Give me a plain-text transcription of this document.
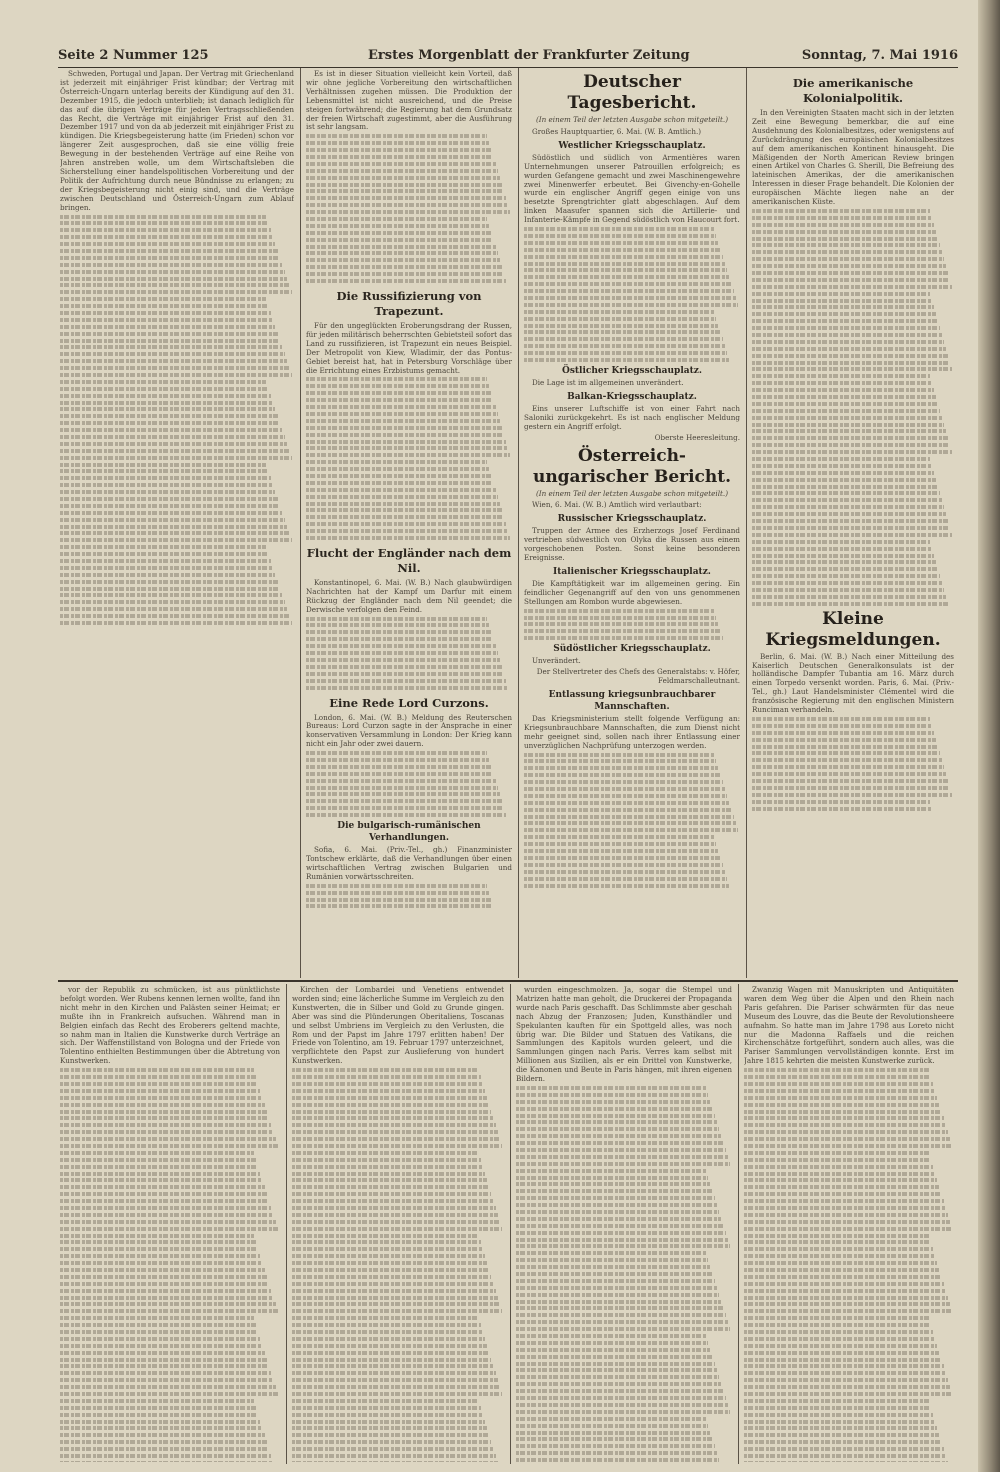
Seite 2 Nummer 125	Erstes Morgenblatt der Frankfurter Zeitung	Sonntag, 7. Mai 1916

Schweden, Portugal und Japan. Der Vertrag mit Griechenland ist jederzeit mit einjähriger Frist kündbar; der Vertrag mit Österreich-Ungarn unterlag bereits der Kündigung auf den 31. Dezember 1915, die jedoch unterblieb; ist danach lediglich für das auf die übrigen Verträge für jeden Vertragsschließenden das Recht, die Verträge mit einjähriger Frist auf den 31. Dezember 1917 und von da ab jederzeit mit einjähriger Frist zu kündigen. Die Kriegsbegeisterung hatte (im Frieden) schon vor längerer Zeit ausgesprochen, daß sie eine völlig freie Bewegung in der bestehenden Verträge auf eine Reihe von Jahren anstreben wolle, um dem Wirtschaftsleben die Sicherstellung einer handelspolitischen Vorbereitung und der Politik der Aufrichtung durch neue Bündnisse zu erlangen; zu der Kriegsbegeisterung nicht einig sind, und die Verträge zwischen Deutschland und Österreich-Ungarn zum Ablauf bringen.

Es ist in dieser Situation vielleicht kein Vorteil, daß wir ohne jegliche Vorbereitung den wirtschaftlichen Verhältnissen zugehen müssen. Die Produktion der Lebensmittel ist nicht ausreichend, und die Preise steigen fortwährend; die Regierung hat dem Grundsatz der freien Wirtschaft zugestimmt, aber die Ausführung ist sehr langsam.

Die Russifizierung von Trapezunt.

Für den ungeglückten Eroberungsdrang der Russen, für jeden militärisch beherrschten Gebietsteil sofort das Land zu russifizieren, ist Trapezunt ein neues Beispiel. Der Metropolit von Kiew, Wladimir, der das Pontus-Gebiet bereist hat, hat in Petersburg Vorschläge über die Errichtung eines Erzbistums gemacht.

Flucht der Engländer nach dem Nil.

Konstantinopel, 6. Mai. (W. B.) Nach glaubwürdigen Nachrichten hat der Kampf um Darfur mit einem Rückzug der Engländer nach dem Nil geendet; die Derwische verfolgen den Feind.

Eine Rede Lord Curzons.

London, 6. Mai. (W. B.) Meldung des Reuterschen Bureaus: Lord Curzon sagte in der Ansprache in einer konservativen Versammlung in London: Der Krieg kann nicht ein Jahr oder zwei dauern.

Die bulgarisch-rumänischen Verhandlungen.

Sofia, 6. Mai. (Priv.-Tel., gh.) Finanzminister Tontschew erklärte, daß die Verhandlungen über einen wirtschaftlichen Vertrag zwischen Bulgarien und Rumänien vorwärtsschreiten.

Deutscher Tagesbericht.
(In einem Teil der letzten Ausgabe schon mitgeteilt.)

Großes Hauptquartier, 6. Mai. (W. B. Amtlich.)

Westlicher Kriegsschauplatz.

Südöstlich und südlich von Armentières waren Unternehmungen unserer Patrouillen erfolgreich; es wurden Gefangene gemacht und zwei Maschinengewehre zwei Minenwerfer erbeutet. Bei Givenchy-en-Gohelle wurde ein englischer Angriff gegen einige von uns besetzte Sprengtrichter glatt abgeschlagen. Auf dem linken Maasufer spannen sich die Artillerie- und Infanterie-Kämpfe in Gegend südöstlich von Haucourt fort.

Östlicher Kriegsschauplatz.

Die Lage ist im allgemeinen unverändert.

Balkan-Kriegsschauplatz.

Eins unserer Luftschiffe ist von einer Fahrt nach Saloniki zurückgekehrt. Es ist nach englischer Meldung gestern ein Angriff erfolgt.

Oberste Heeresleitung.
Österreich-ungarischer Bericht.
(In einem Teil der letzten Ausgabe schon mitgeteilt.)

Wien, 6. Mai. (W. B.) Amtlich wird verlautbart:

Russischer Kriegsschauplatz.

Truppen der Armee des Erzherzogs Josef Ferdinand vertrieben südwestlich von Olyka die Russen aus einem vorgeschobenen Posten. Sonst keine besonderen Ereignisse.

Italienischer Kriegsschauplatz.

Die Kampftätigkeit war im allgemeinen gering. Ein feindlicher Gegenangriff auf den von uns genommenen Stellungen am Rombon wurde abgewiesen.

Südöstlicher Kriegsschauplatz.

Unverändert.

Der Stellvertreter des Chefs des Generalstabs: v. Höfer, Feldmarschalleutnant.
Entlassung kriegsunbrauchbarer Mannschaften.

Das Kriegsministerium stellt folgende Verfügung an: Kriegsunbrauchbare Mannschaften, die zum Dienst nicht mehr geeignet sind, sollen nach ihrer Entlassung einer unverzüglichen Nachprüfung unterzogen werden.

Die amerikanische Kolonialpolitik.

In den Vereinigten Staaten macht sich in der letzten Zeit eine Bewegung bemerkbar, die auf eine Ausdehnung des Kolonialbesitzes, oder wenigstens auf Zurückdrängung des europäischen Kolonialbesitzes auf dem amerikanischen Kontinent hinausgeht. Die Mäßigenden der North American Review bringen einen Artikel von Charles G. Sherill, Die Befreiung des lateinischen Amerikas, der die amerikanischen Interessen in dieser Frage behandelt. Die Kolonien der europäischen Mächte liegen nahe an der amerikanischen Küste.

Kleine Kriegsmeldungen.

Berlin, 6. Mai. (W. B.) Nach einer Mitteilung des Kaiserlich Deutschen Generalkonsulats ist der holländische Dampfer Tubantia am 16. März durch einen Torpedo versenkt worden. Paris, 6. Mai. (Priv.-Tel., gh.) Laut Handelsminister Clémentel wird die französische Regierung mit den englischen Ministern Runciman verhandeln.

vor der Republik zu schmücken, ist aus pünktlichste befolgt worden. Wer Rubens kennen lernen wollte, fand ihn nicht mehr in den Kirchen und Palästen seiner Heimat; er mußte ihn in Frankreich aufsuchen. Während man in Belgien einfach das Recht des Eroberers geltend machte, so nahm man in Italien die Kunstwerke durch Verträge an sich. Der Waffenstillstand von Bologna und der Friede von Tolentino enthielten Bestimmungen über die Abtretung von Kunstwerken.

Kirchen der Lombardei und Venetiens entwendet worden sind; eine lächerliche Summe im Vergleich zu den Kunstwerten, die in Silber und Gold zu Grunde gingen. Aber was sind die Plünderungen Oberitaliens, Toscanas und selbst Umbriens im Vergleich zu den Verlusten, die Rom und der Papst im Jahre 1797 erlitten haben! Der Friede von Tolentino, am 19. Februar 1797 unterzeichnet, verpflichtete den Papst zur Auslieferung von hundert Kunstwerken.

wurden eingeschmolzen. Ja, sogar die Stempel und Matrizen hatte man geholt, die Druckerei der Propaganda wurde nach Paris geschafft. Das Schlimmste aber geschah nach Abzug der Franzosen; Juden, Kunsthändler und Spekulanten kauften für ein Spottgeld alles, was noch übrig war. Die Bilder und Statuen des Vatikans, die Sammlungen des Kapitols wurden geleert, und die Sammlungen gingen nach Paris. Verres kam selbst mit Millionen aus Sizilien, als er ein Drittel von Kunstwerke, die Kanonen und Beute in Paris hängen, mit ihren eigenen Bildern.

Zwanzig Wagen mit Manuskripten und Antiquitäten waren dem Weg über die Alpen und den Rhein nach Paris gefahren. Die Pariser schwärmten für das neue Museum des Louvre, das die Beute der Revolutionsheere aufnahm. So hatte man im Jahre 1798 aus Loreto nicht nur die Madonna Raffaels und die reichen Kirchenschätze fortgeführt, sondern auch alles, was die Pariser Sammlungen vervollständigen konnte. Erst im Jahre 1815 kehrten die meisten Kunstwerke zurück.
